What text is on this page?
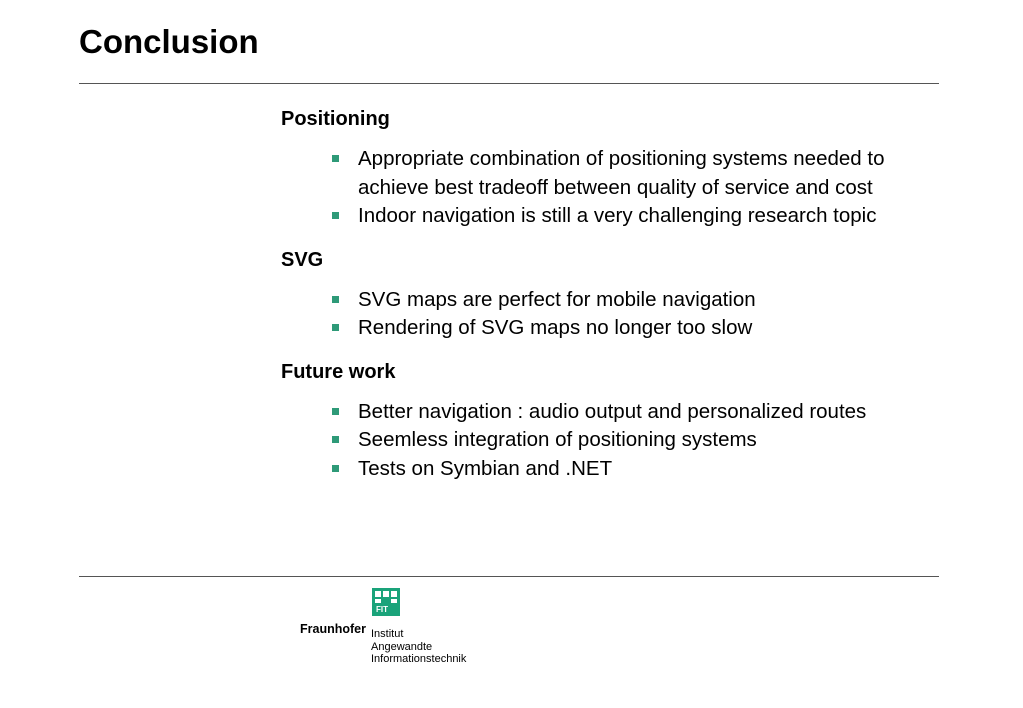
Conclusion
Positioning
Appropriate combination of positioning systems needed to achieve best tradeoff between quality of service and cost
Indoor navigation is still a very challenging research topic
SVG
SVG maps are perfect for mobile navigation
Rendering of SVG maps no longer too slow
Future work
Better navigation : audio output and personalized routes
Seemless integration of positioning systems
Tests on Symbian and .NET
FIT
Fraunhofer Institut
Angewandte
Informationstechnik
